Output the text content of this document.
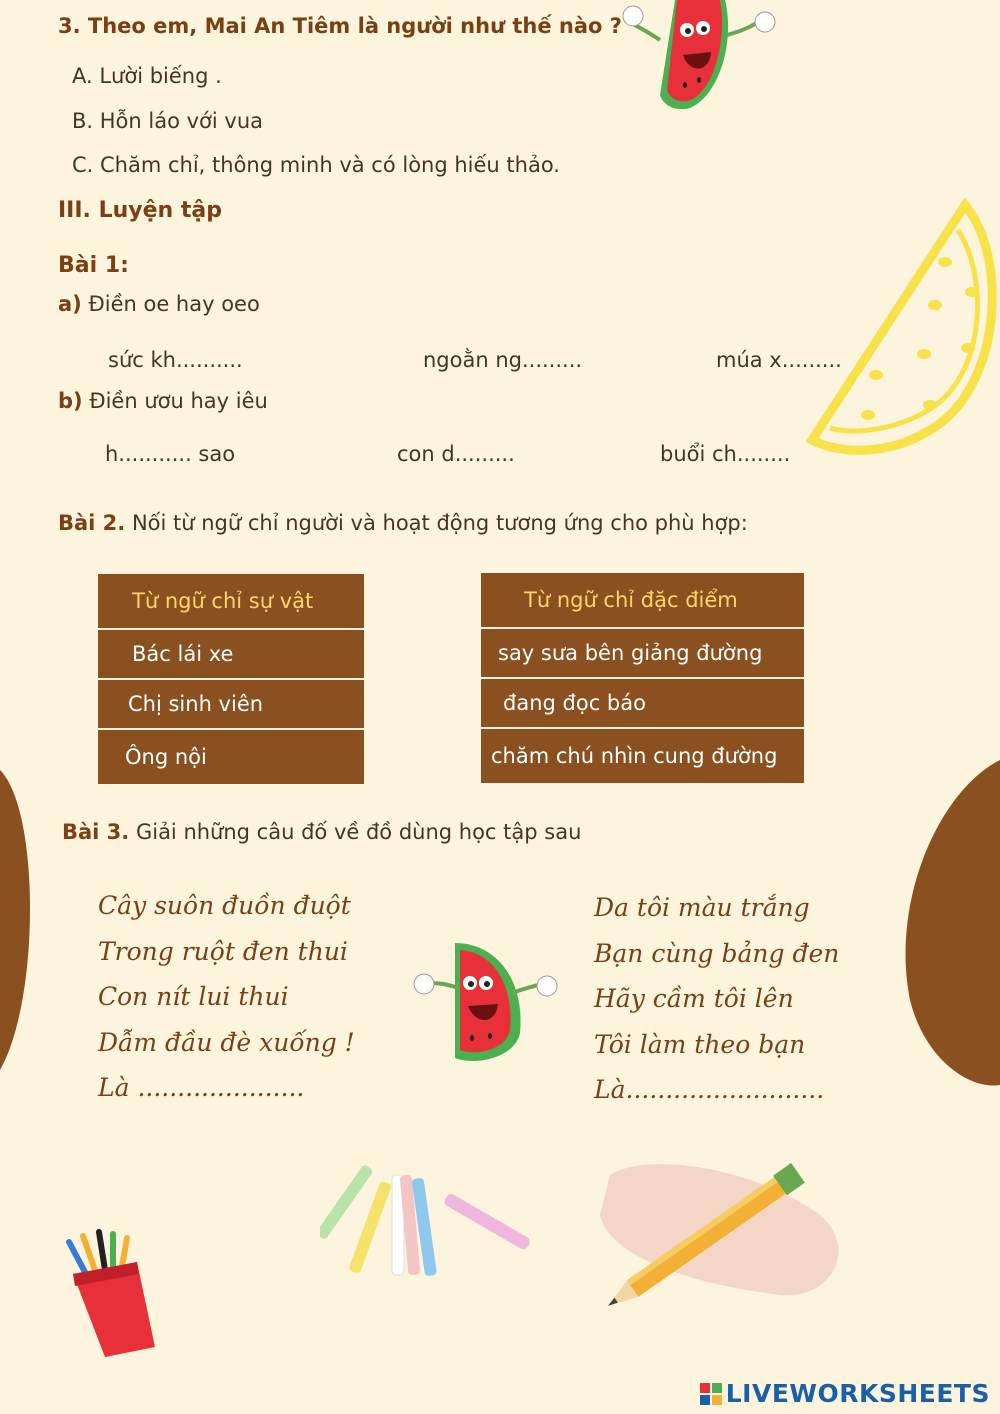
3. Theo em, Mai An Tiêm là người như thế nào ?
A. Lười biếng .
B. Hỗn láo với vua
C. Chăm chỉ, thông minh và có lòng hiếu thảo.
III. Luyện tập
Bài 1:
a) Điền oe hay oeo
sức kh..........	ngoằn ng.........	múa x.........
b) Điền ươu hay iêu
h........... sao	con d.........	buổi ch........
Bài 2. Nối từ ngữ chỉ người và hoạt động tương ứng cho phù hợp:
Từ ngữ chỉ sự vật
Bác lái xe
Chị sinh viên
Ông nội
Từ ngữ chỉ đặc điểm
say sưa bên giảng đường
đang đọc báo
chăm chú nhìn cung đường
Bài 3. Giải những câu đố về đồ dùng học tập sau
Cây suôn đuồn đuột
Trong ruột đen thui
Con nít lui thui
Dẫm đầu đè xuống !
Là .....................
Da tôi màu trắng
Bạn cùng bảng đen
Hãy cầm tôi lên
Tôi làm theo bạn
Là.........................
LIVEWORKSHEETS
